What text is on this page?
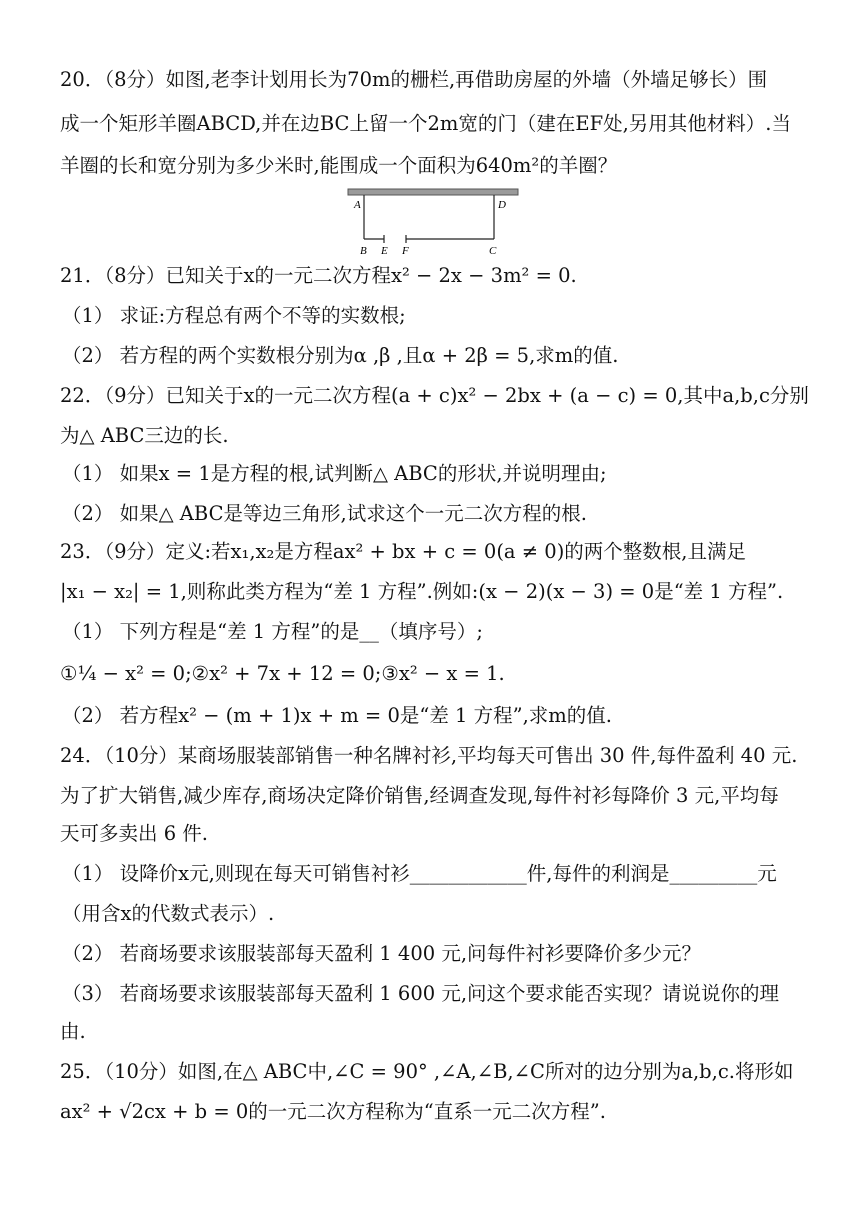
20．（8分）如图,老李计划用长为70m的栅栏,再借助房屋的外墙（外墙足够长）围
成一个矩形羊圈ABCD,并在边BC上留一个2m宽的门（建在EF处,另用其他材料）.当
羊圈的长和宽分别为多少米时,能围成一个面积为640m²的羊圈？
A	D
B E F	C
21．（8分）已知关于x的一元二次方程x² − 2x − 3m² = 0.
（1） 求证:方程总有两个不等的实数根;
（2） 若方程的两个实数根分别为α ,β ,且α + 2β = 5,求m的值.
22．（9分）已知关于x的一元二次方程(a + c)x² − 2bx + (a − c) = 0,其中a,b,c分别
为△ ABC三边的长.
（1） 如果x = 1是方程的根,试判断△ ABC的形状,并说明理由;
（2） 如果△ ABC是等边三角形,试求这个一元二次方程的根.
23．（9分）定义:若x₁,x₂是方程ax² + bx + c = 0(a ≠ 0)的两个整数根,且满足
|x₁ − x₂| = 1,则称此类方程为“差 1 方程”.例如:(x − 2)(x − 3) = 0是“差 1 方程”.
（1） 下列方程是“差 1 方程”的是__（填序号）;
①¼ − x² = 0;②x² + 7x + 12 = 0;③x² − x = 1.
（2） 若方程x² − (m + 1)x + m = 0是“差 1 方程”,求m的值.
24．（10分）某商场服装部销售一种名牌衬衫,平均每天可售出 30 件,每件盈利 40 元.
为了扩大销售,减少库存,商场决定降价销售,经调查发现,每件衬衫每降价 3 元,平均每
天可多卖出 6 件.
（1） 设降价x元,则现在每天可销售衬衫____________件,每件的利润是_________元
（用含x的代数式表示）.
（2） 若商场要求该服装部每天盈利 1 400 元,问每件衬衫要降价多少元？
（3） 若商场要求该服装部每天盈利 1 600 元,问这个要求能否实现？请说说你的理
由.
25．（10分）如图,在△ ABC中,∠C = 90° ,∠A,∠B,∠C所对的边分别为a,b,c.将形如
ax² + √2cx + b = 0的一元二次方程称为“直系一元二次方程”.
